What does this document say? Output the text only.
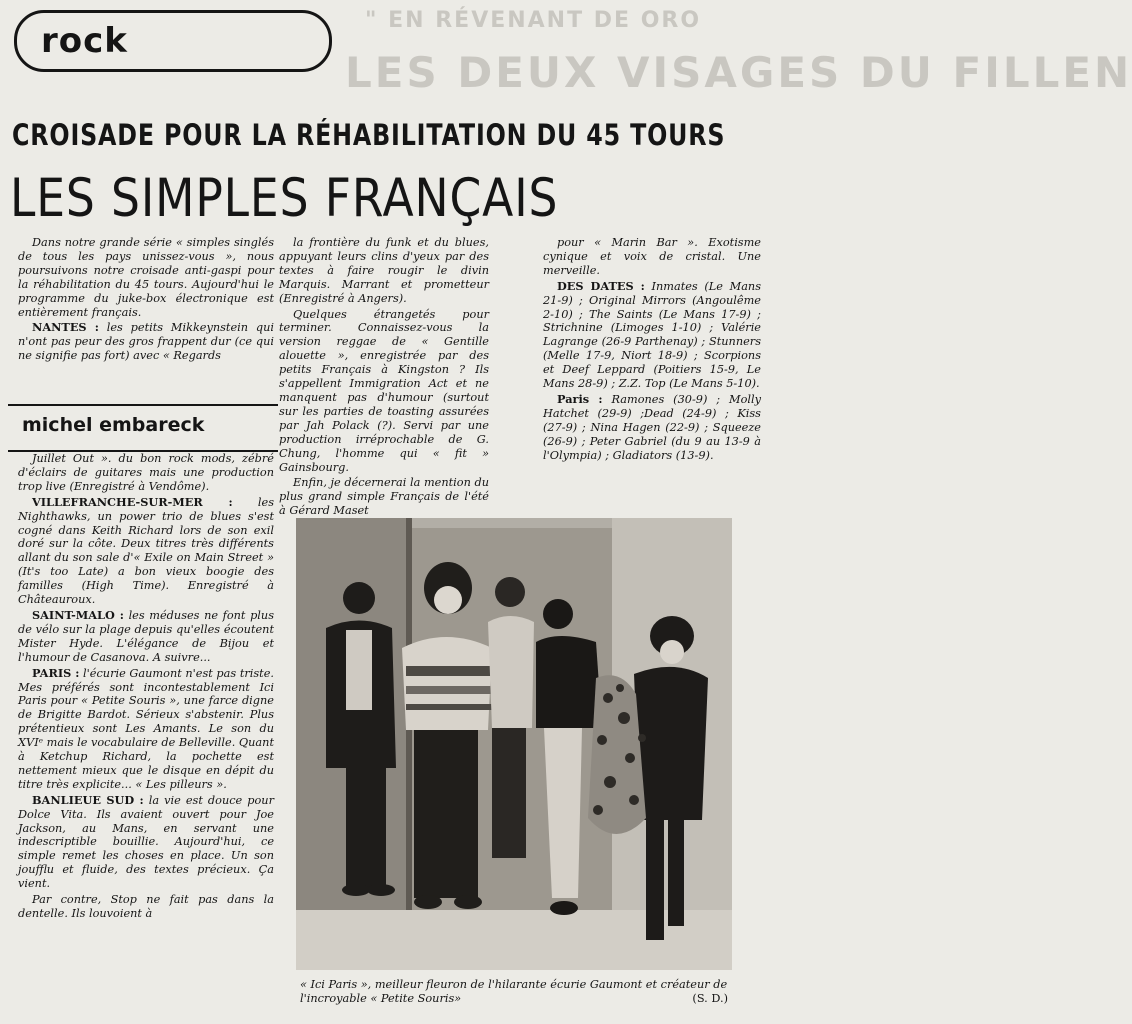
rock
" EN RÉVENANT DE ORO
LES DEUX VISAGES DU FILLEN
CROISADE POUR LA RÉHABILITATION DU 45 TOURS
LES SIMPLES FRANÇAIS

Dans notre grande série « simples singlés de tous les pays unissez-vous », nous poursuivons notre croisade anti-gaspi pour la réhabilitation du 45 tours. Aujourd'hui le programme du juke-box électronique est entièrement français.

NANTES : les petits Mikkeynstein qui n'ont pas peur des gros frappent dur (ce qui ne signifie pas fort) avec « Regards

michel embareck

Juillet Out ». du bon rock mods, zébré d'éclairs de guitares mais une production trop live (Enregistré à Vendôme).

VILLEFRANCHE-SUR-MER : les Nighthawks, un power trio de blues s'est cogné dans Keith Richard lors de son exil doré sur la côte. Deux titres très différents allant du son sale d'« Exile on Main Street » (It's too Late) a bon vieux boogie des familles (High Time). Enregistré à Châteauroux.

SAINT-MALO : les méduses ne font plus de vélo sur la plage depuis qu'elles écoutent Mister Hyde. L'élégance de Bijou et l'humour de Casanova. A suivre...

PARIS : l'écurie Gaumont n'est pas triste. Mes préférés sont incontestablement Ici Paris pour « Petite Souris », une farce digne de Brigitte Bardot. Sérieux s'abstenir. Plus prétentieux sont Les Amants. Le son du XVIᵉ mais le vocabulaire de Belleville. Quant à Ketchup Richard, la pochette est nettement mieux que le disque en dépit du titre très explicite... « Les pilleurs ».

BANLIEUE SUD : la vie est douce pour Dolce Vita. Ils avaient ouvert pour Joe Jackson, au Mans, en servant une indescriptible bouillie. Aujourd'hui, ce simple remet les choses en place. Un son joufflu et fluide, des textes précieux. Ça vient.

Par contre, Stop ne fait pas dans la dentelle. Ils louvoient à

la frontière du funk et du blues, appuyant leurs clins d'yeux par des textes à faire rougir le divin Marquis. Marrant et prometteur (Enregistré à Angers).

Quelques étrangetés pour terminer. Connaissez-vous la version reggae de « Gentille alouette », enregistrée par des petits Français à Kingston ? Ils s'appellent Immigration Act et ne manquent pas d'humour (surtout sur les parties de toasting assurées par Jah Polack (?). Servi par une production irréprochable de G. Chung, l'homme qui « fit » Gainsbourg.

Enfin, je décernerai la mention du plus grand simple Français de l'été à Gérard Maset

pour « Marin Bar ». Exotisme cynique et voix de cristal. Une merveille.

DES DATES : Inmates (Le Mans 21-9) ; Original Mirrors (Angoulême 2-10) ; The Saints (Le Mans 17-9) ; Strichnine (Limoges 1-10) ; Valérie Lagrange (26-9 Parthenay) ; Stunners (Melle 17-9, Niort 18-9) ; Scorpions et Deef Leppard (Poitiers 15-9, Le Mans 28-9) ; Z.Z. Top (Le Mans 5-10).

Paris : Ramones (30-9) ; Molly Hatchet (29-9) ;Dead (24-9) ; Kiss (27-9) ; Nina Hagen (22-9) ; Squeeze (26-9) ; Peter Gabriel (du 9 au 13-9 à l'Olympia) ; Gladiators (13-9).

« Ici Paris », meilleur fleuron de l'hilarante écurie Gaumont et créateur de l'incroyable « Petite Souris»	(S. D.)
